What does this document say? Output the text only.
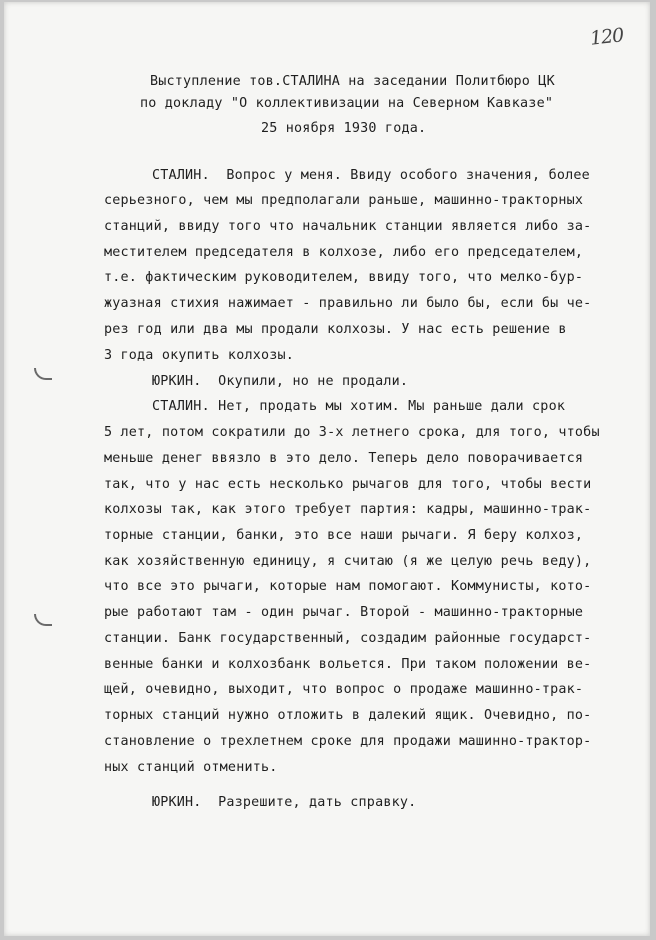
120
Выступление тов.СТАЛИНА на заседании Политбюро ЦК
по докладу "О коллективизации на Северном Кавказе"
25 ноября 1930 года.
СТАЛИН.  Вопрос у меня. Ввиду особого значения, более
серьезного, чем мы предполагали раньше, машинно-тракторных
станций, ввиду того что начальник станции является либо за-
местителем председателя в колхозе, либо его председателем,
т.е. фактическим руководителем, ввиду того, что мелко-бур-
жуазная стихия нажимает - правильно ли было бы, если бы че-
рез год или два мы продали колхозы. У нас есть решение в
3 года окупить колхозы.
ЮРКИН.  Окупили, но не продали.
СТАЛИН. Нет, продать мы хотим. Мы раньше дали срок
5 лет, потом сократили до 3-х летнего срока, для того, чтобы
меньше денег ввязло в это дело. Теперь дело поворачивается
так, что у нас есть несколько рычагов для того, чтобы вести
колхозы так, как этого требует партия: кадры, машинно-трак-
торные станции, банки, это все наши рычаги. Я беру колхоз,
как хозяйственную единицу, я считаю (я же целую речь веду),
что все это рычаги, которые нам помогают. Коммунисты, кото-
рые работают там - один рычаг. Второй - машинно-тракторные
станции. Банк государственный, создадим районные государст-
венные банки и колхозбанк вольется. При таком положении ве-
щей, очевидно, выходит, что вопрос о продаже машинно-трак-
торных станций нужно отложить в далекий ящик. Очевидно, по-
становление о трехлетнем сроке для продажи машинно-трактор-
ных станций отменить.
ЮРКИН.  Разрешите, дать справку.
